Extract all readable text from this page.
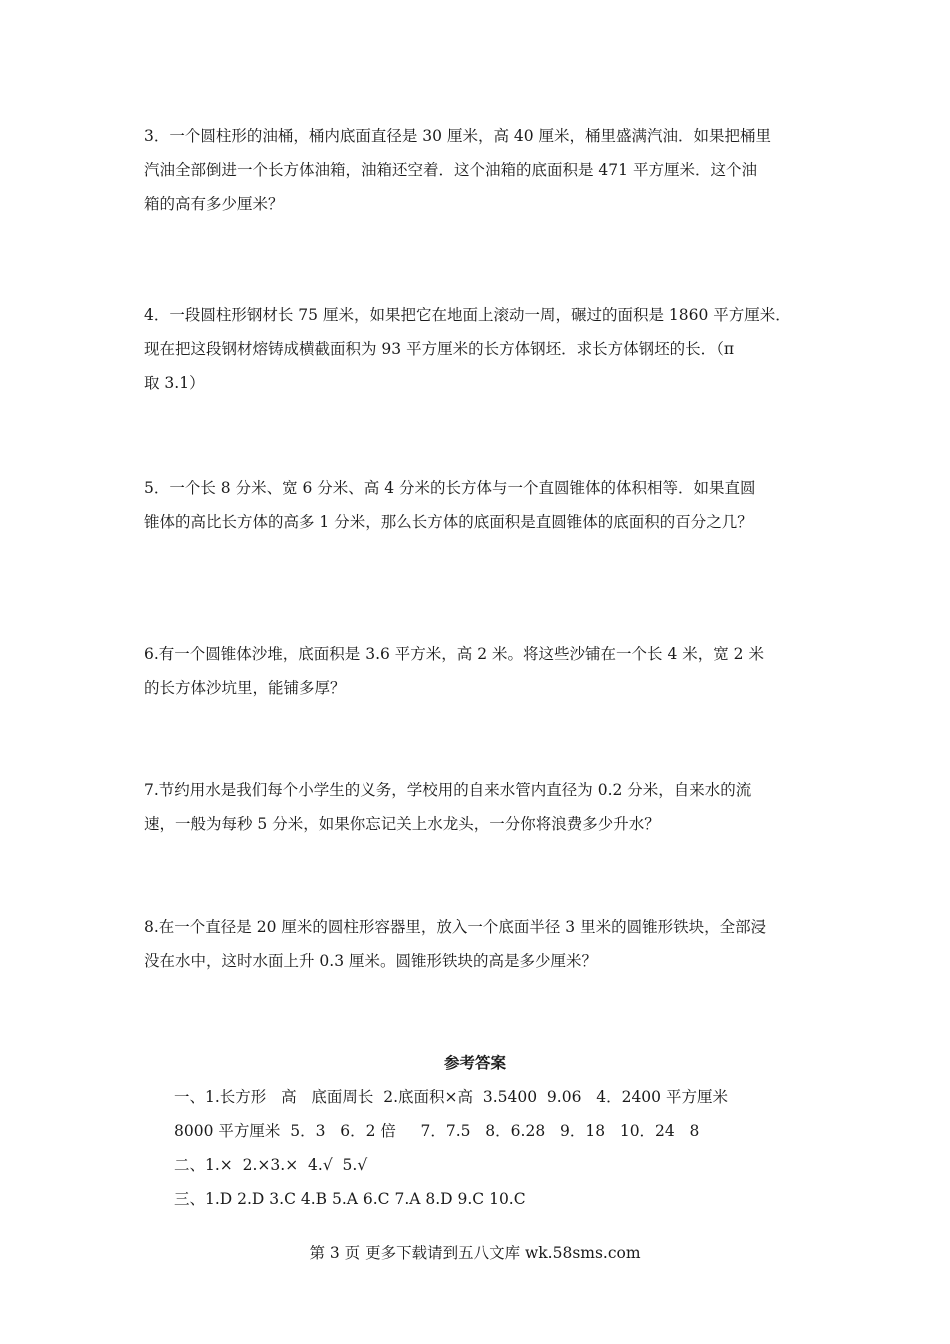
3．一个圆柱形的油桶，桶内底面直径是 30 厘米，高 40 厘米，桶里盛满汽油．如果把桶里

汽油全部倒进一个长方体油箱，油箱还空着．这个油箱的底面积是 471 平方厘米．这个油

箱的高有多少厘米？

4．一段圆柱形钢材长 75 厘米，如果把它在地面上滚动一周，碾过的面积是 1860 平方厘米．

现在把这段钢材熔铸成横截面积为 93 平方厘米的长方体钢坯．求长方体钢坯的长．（π

取 3.1）

5．一个长 8 分米、宽 6 分米、高 4 分米的长方体与一个直圆锥体的体积相等．如果直圆

锥体的高比长方体的高多 1 分米，那么长方体的底面积是直圆锥体的底面积的百分之几？

6.有一个圆锥体沙堆，底面积是 3.6 平方米，高 2 米。将这些沙铺在一个长 4 米，宽 2 米

的长方体沙坑里，能铺多厚？

7.节约用水是我们每个小学生的义务，学校用的自来水管内直径为 0.2 分米，自来水的流

速，一般为每秒 5 分米，如果你忘记关上水龙头，一分你将浪费多少升水？

8.在一个直径是 20 厘米的圆柱形容器里，放入一个底面半径 3 里米的圆锥形铁块，全部浸

没在水中，这时水面上升 0.3 厘米。圆锥形铁块的高是多少厘米？

参考答案

一、1.长方形   高   底面周长  2.底面积×高  3.5400  9.06   4．2400 平方厘米

8000 平方厘米  5．3   6．2 倍     7．7.5   8．6.28   9．18   10．24   8

二、1.×  2.×3.×  4.√  5.√

三、1.D 2.D 3.C 4.B 5.A 6.C 7.A 8.D 9.C 10.C

第 3 页 更多下载请到五八文库 wk.58sms.com
